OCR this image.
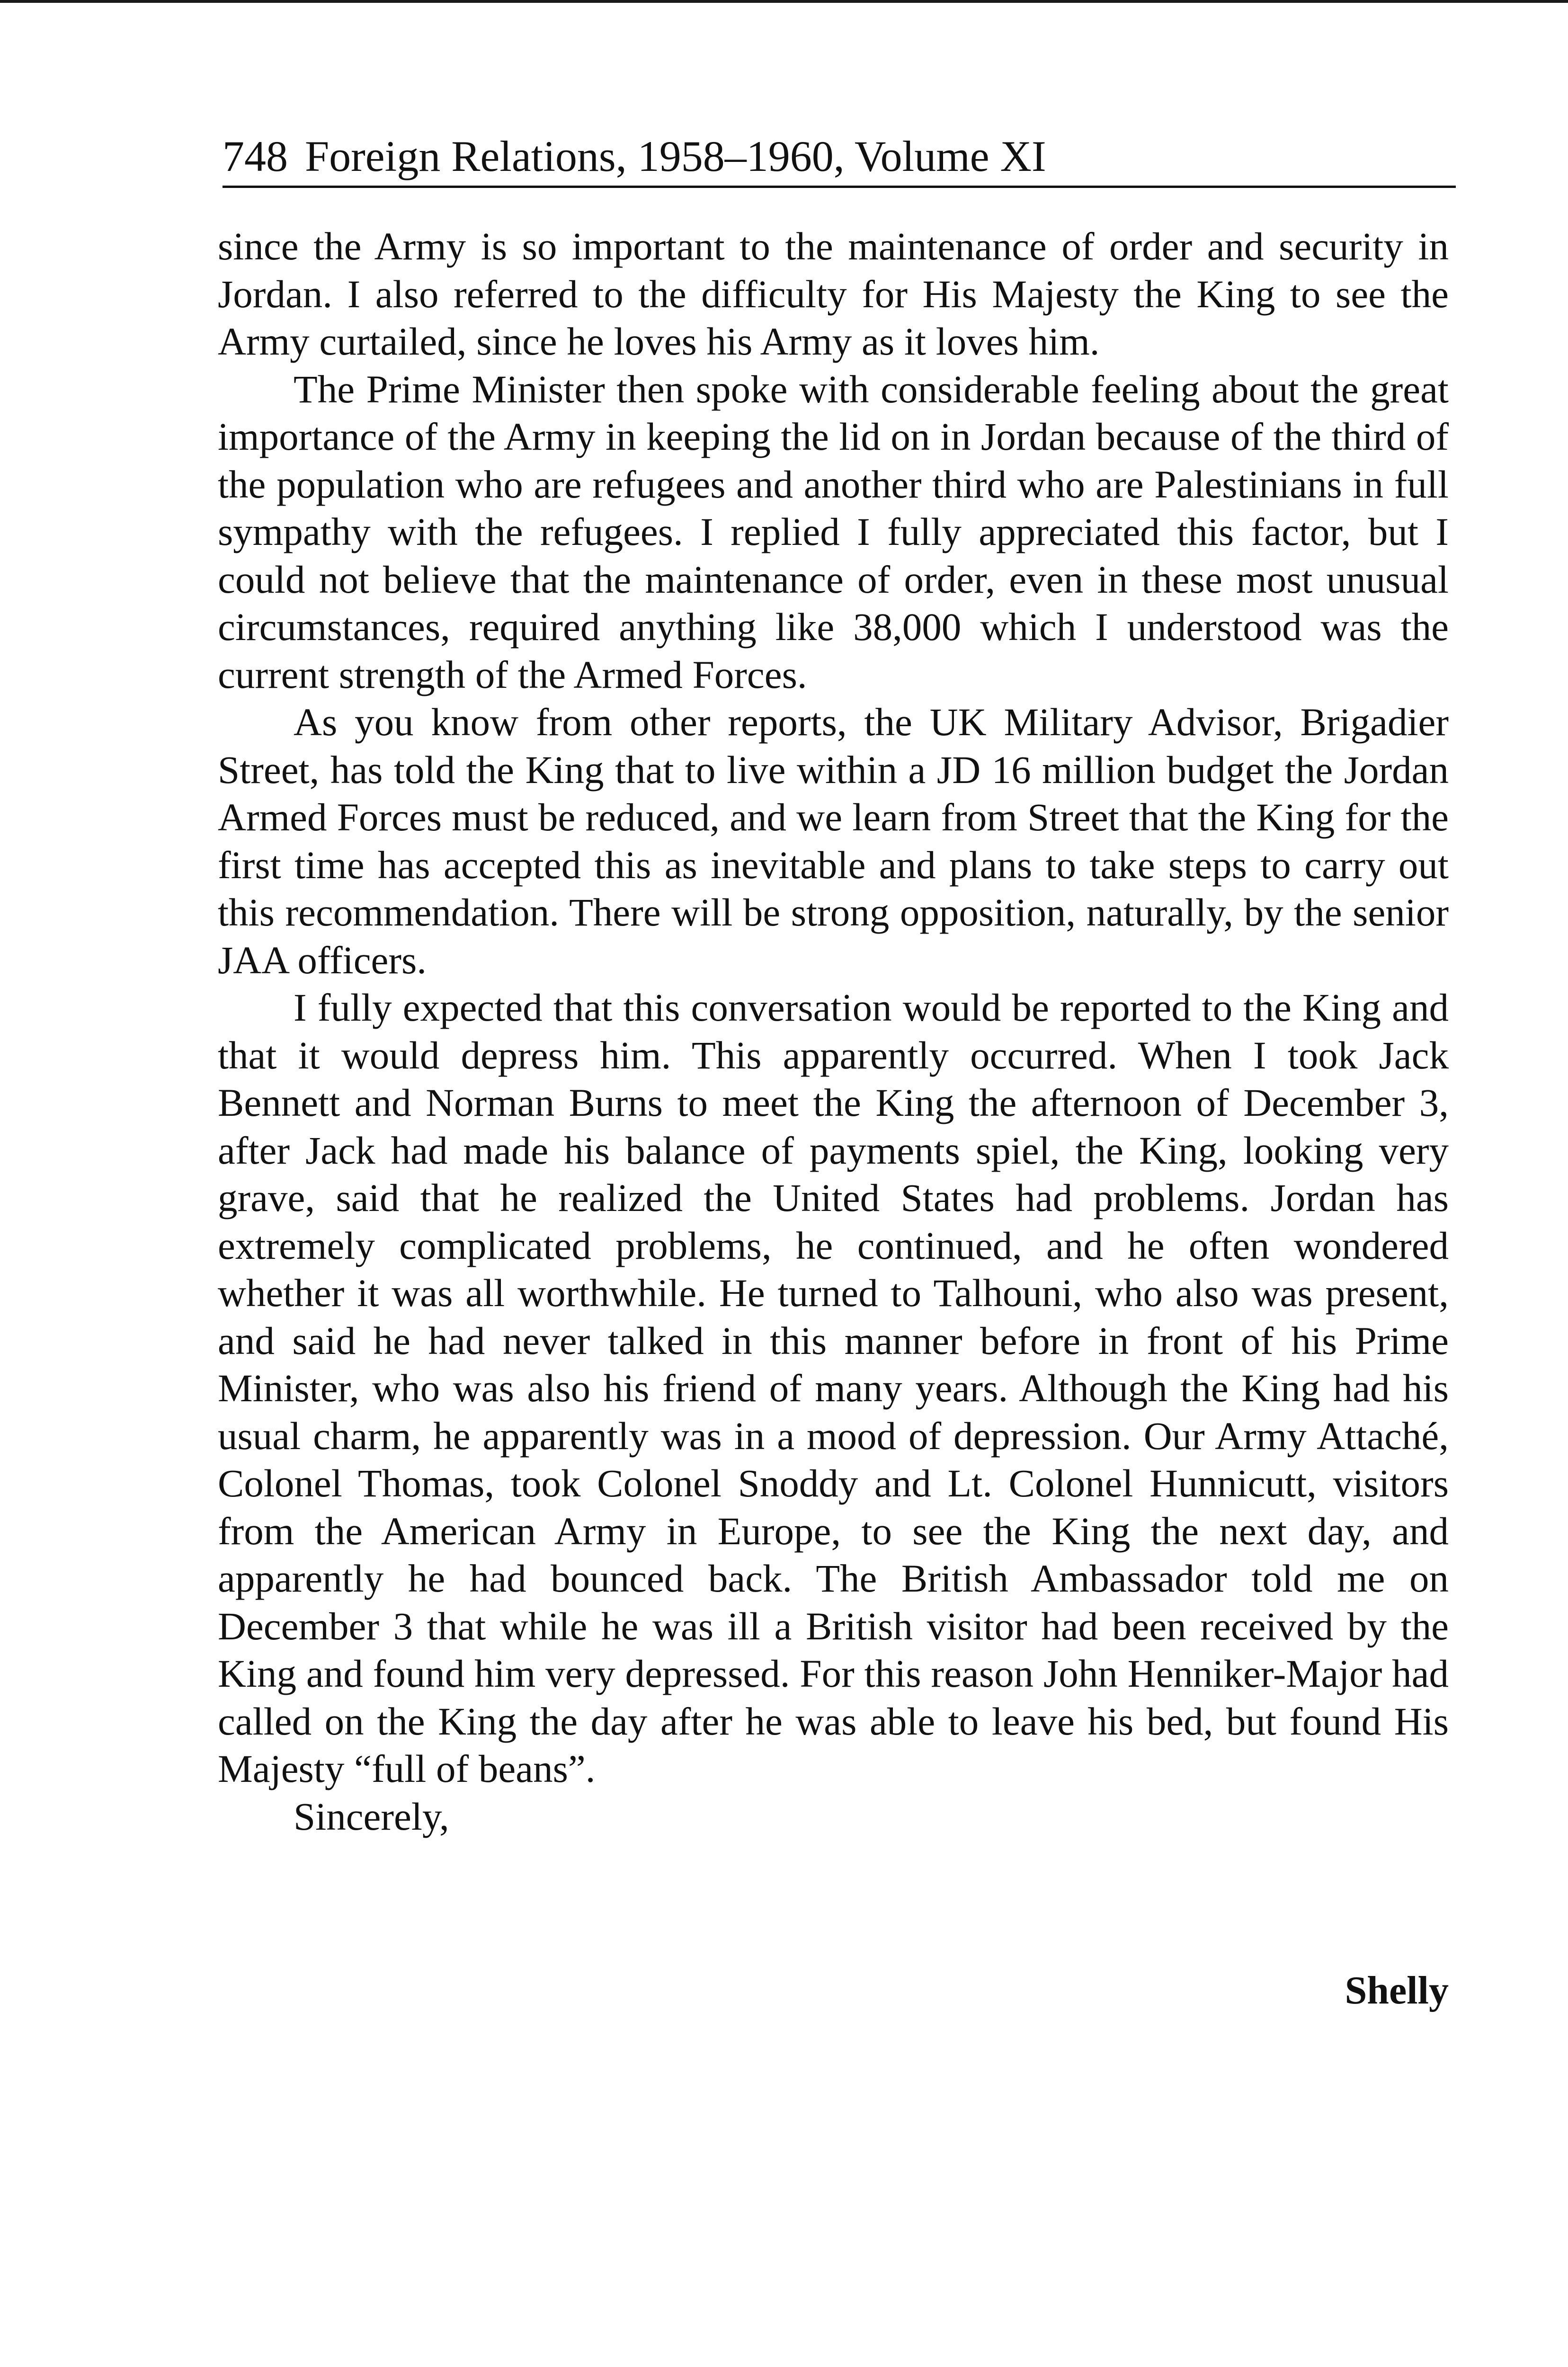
748 Foreign Relations, 1958–1960, Volume XI

since the Army is so important to the maintenance of order and security in Jordan. I also referred to the difficulty for His Majesty the King to see the Army curtailed, since he loves his Army as it loves him.

The Prime Minister then spoke with considerable feeling about the great importance of the Army in keeping the lid on in Jordan because of the third of the population who are refugees and another third who are Palestinians in full sympathy with the refugees. I replied I fully appreciated this factor, but I could not believe that the maintenance of order, even in these most unusual circumstances, required anything like 38,000 which I understood was the current strength of the Armed Forces.

As you know from other reports, the UK Military Advisor, Brigadier Street, has told the King that to live within a JD 16 million budget the Jordan Armed Forces must be reduced, and we learn from Street that the King for the first time has accepted this as inevitable and plans to take steps to carry out this recommendation. There will be strong opposition, naturally, by the senior JAA officers.

I fully expected that this conversation would be reported to the King and that it would depress him. This apparently occurred. When I took Jack Bennett and Norman Burns to meet the King the afternoon of December 3, after Jack had made his balance of payments spiel, the King, looking very grave, said that he realized the United States had problems. Jordan has extremely complicated problems, he continued, and he often wondered whether it was all worthwhile. He turned to Talhouni, who also was present, and said he had never talked in this manner before in front of his Prime Minister, who was also his friend of many years. Although the King had his usual charm, he apparently was in a mood of depression. Our Army Attaché, Colonel Thomas, took Colonel Snoddy and Lt. Colonel Hunnicutt, visitors from the American Army in Europe, to see the King the next day, and apparently he had bounced back. The British Ambassador told me on December 3 that while he was ill a British visitor had been received by the King and found him very depressed. For this reason John Henniker-Major had called on the King the day after he was able to leave his bed, but found His Majesty “full of beans”.

Sincerely,

Shelly
